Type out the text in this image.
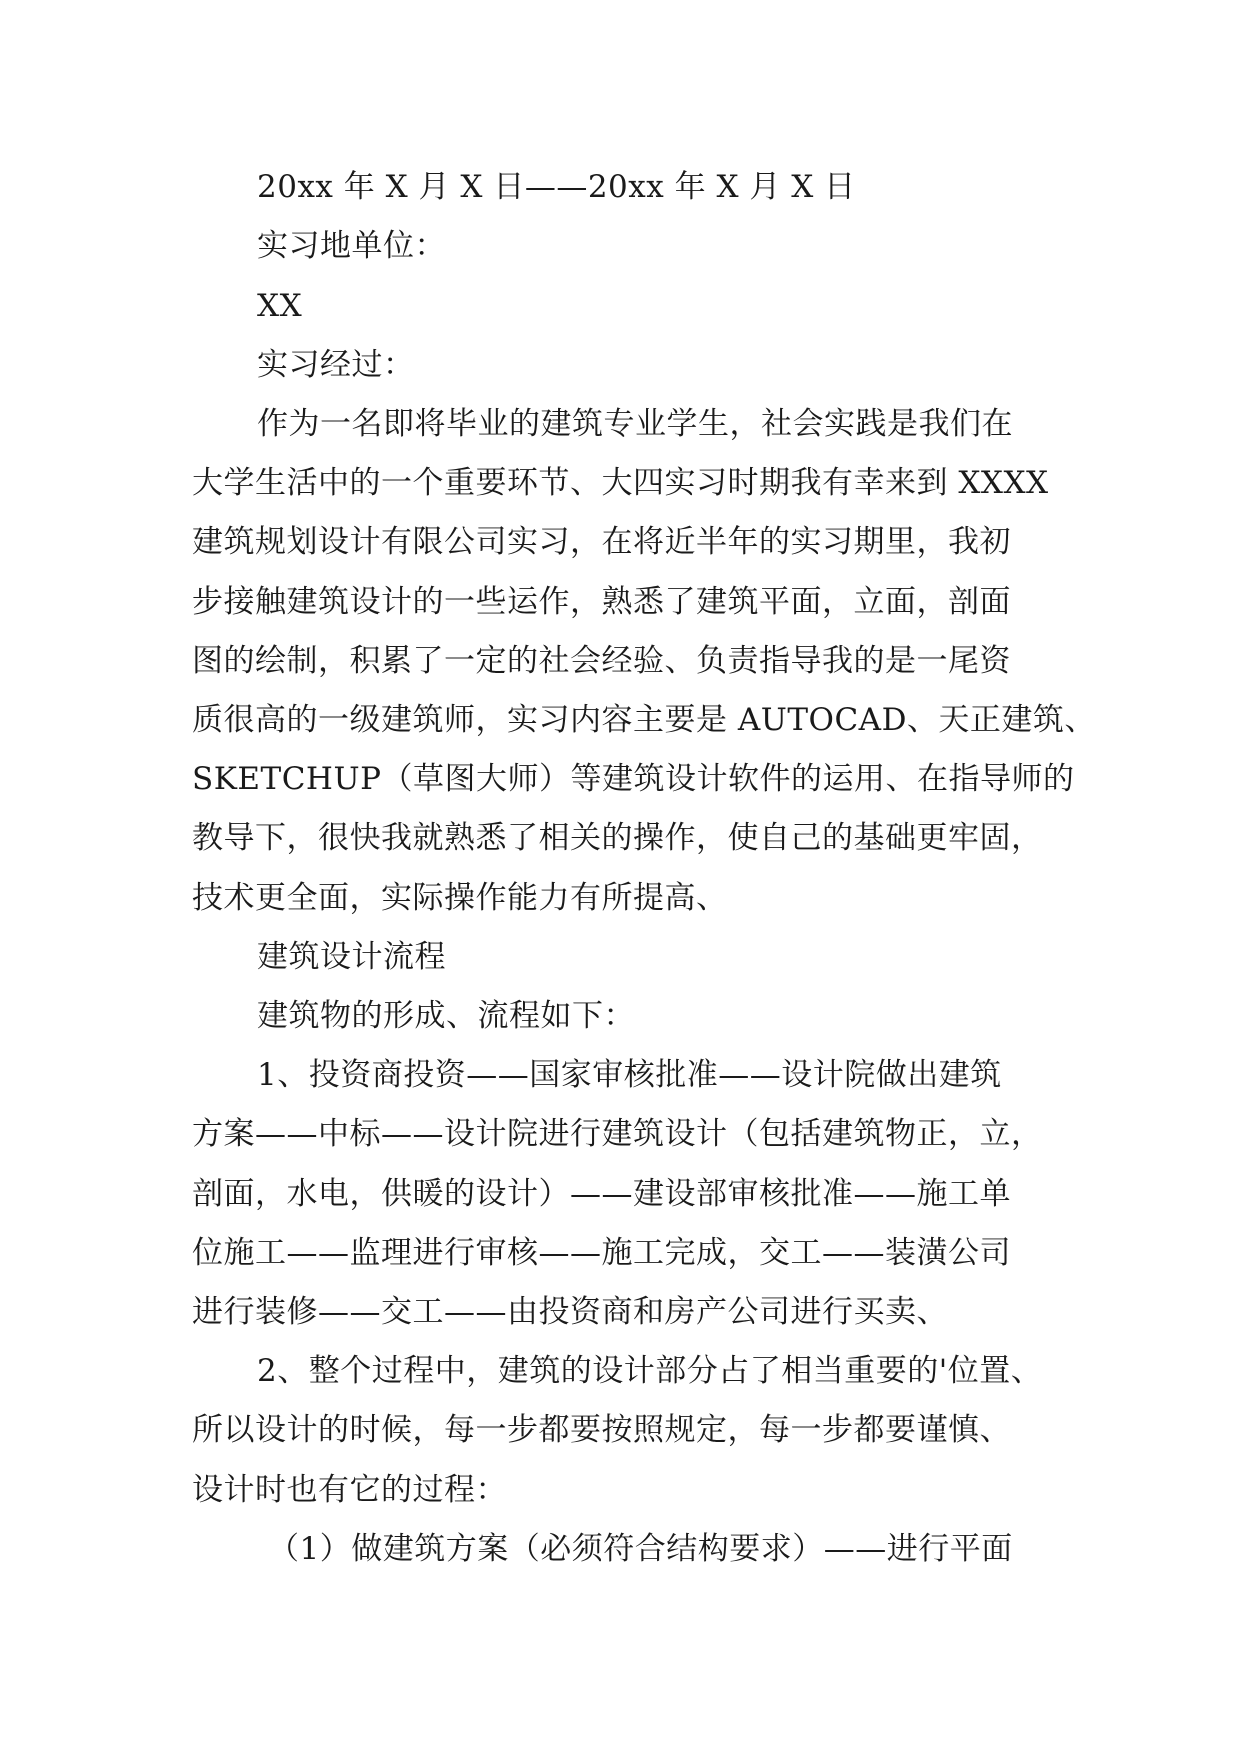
20xx 年 X 月 X 日——20xx 年 X 月 X 日
实习地单位：
XX
实习经过：
作为一名即将毕业的建筑专业学生，社会实践是我们在
大学生活中的一个重要环节、大四实习时期我有幸来到 XXXX
建筑规划设计有限公司实习，在将近半年的实习期里，我初
步接触建筑设计的一些运作，熟悉了建筑平面，立面，剖面
图的绘制，积累了一定的社会经验、负责指导我的是一尾资
质很高的一级建筑师，实习内容主要是 AUTOCAD、天正建筑、
SKETCHUP（草图大师）等建筑设计软件的运用、在指导师的
教导下，很快我就熟悉了相关的操作，使自己的基础更牢固，
技术更全面，实际操作能力有所提高、
建筑设计流程
建筑物的形成、流程如下：
1、投资商投资——国家审核批准——设计院做出建筑
方案——中标——设计院进行建筑设计（包括建筑物正，立，
剖面，水电，供暖的设计）——建设部审核批准——施工单
位施工——监理进行审核——施工完成，交工——装潢公司
进行装修——交工——由投资商和房产公司进行买卖、
2、整个过程中，建筑的设计部分占了相当重要的'位置、
所以设计的时候，每一步都要按照规定，每一步都要谨慎、
设计时也有它的过程：
（1）做建筑方案（必须符合结构要求）——进行平面
